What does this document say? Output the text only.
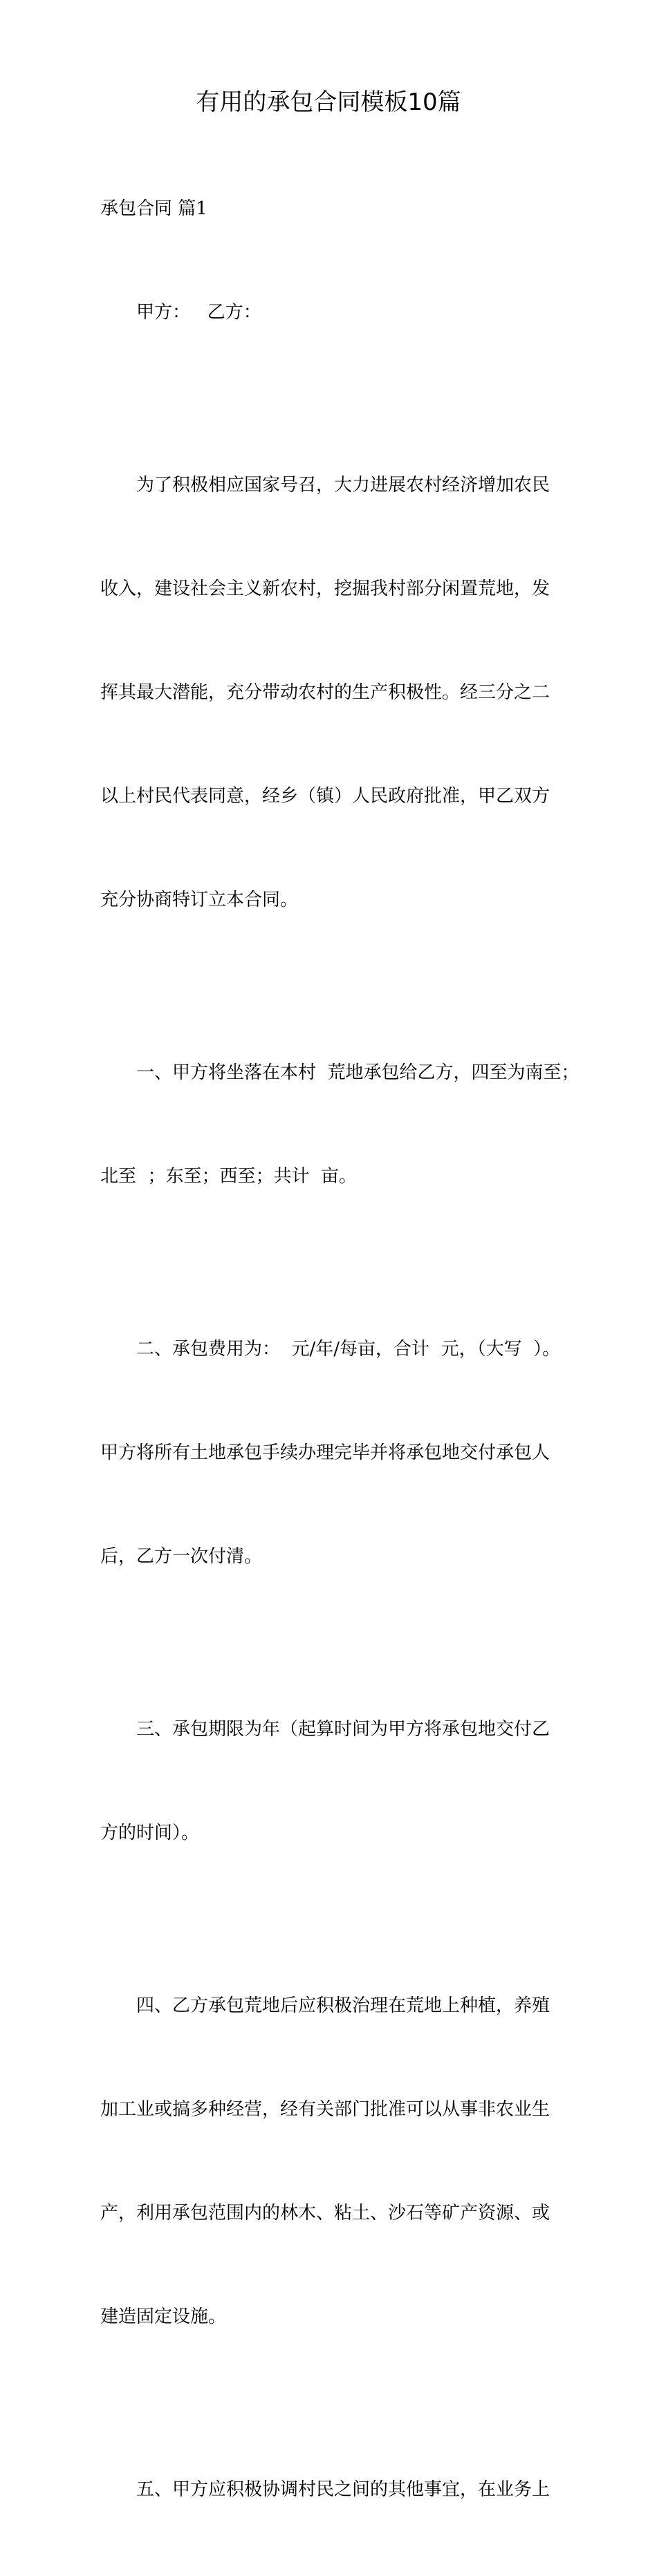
有用的承包合同模板10篇
承包合同 篇1

甲方：   乙方：

为了积极相应国家号召，大力进展农村经济增加农民

收入，建设社会主义新农村，挖掘我村部分闲置荒地，发

挥其最大潜能，充分带动农村的生产积极性。经三分之二

以上村民代表同意，经乡（镇）人民政府批准，甲乙双方

充分协商特订立本合同。

一、甲方将坐落在本村  荒地承包给乙方，四至为南至；

北至  ；东至；西至；共计  亩。

二、承包费用为：  元/年/每亩，合计  元，（大写  ）。

甲方将所有土地承包手续办理完毕并将承包地交付承包人

后，乙方一次付清。

三、承包期限为年（起算时间为甲方将承包地交付乙

方的时间）。

四、乙方承包荒地后应积极治理在荒地上种植，养殖

加工业或搞多种经营，经有关部门批准可以从事非农业生

产，利用承包范围内的林木、粘土、沙石等矿产资源、或

建造固定设施。

五、甲方应积极协调村民之间的其他事宜，在业务上
